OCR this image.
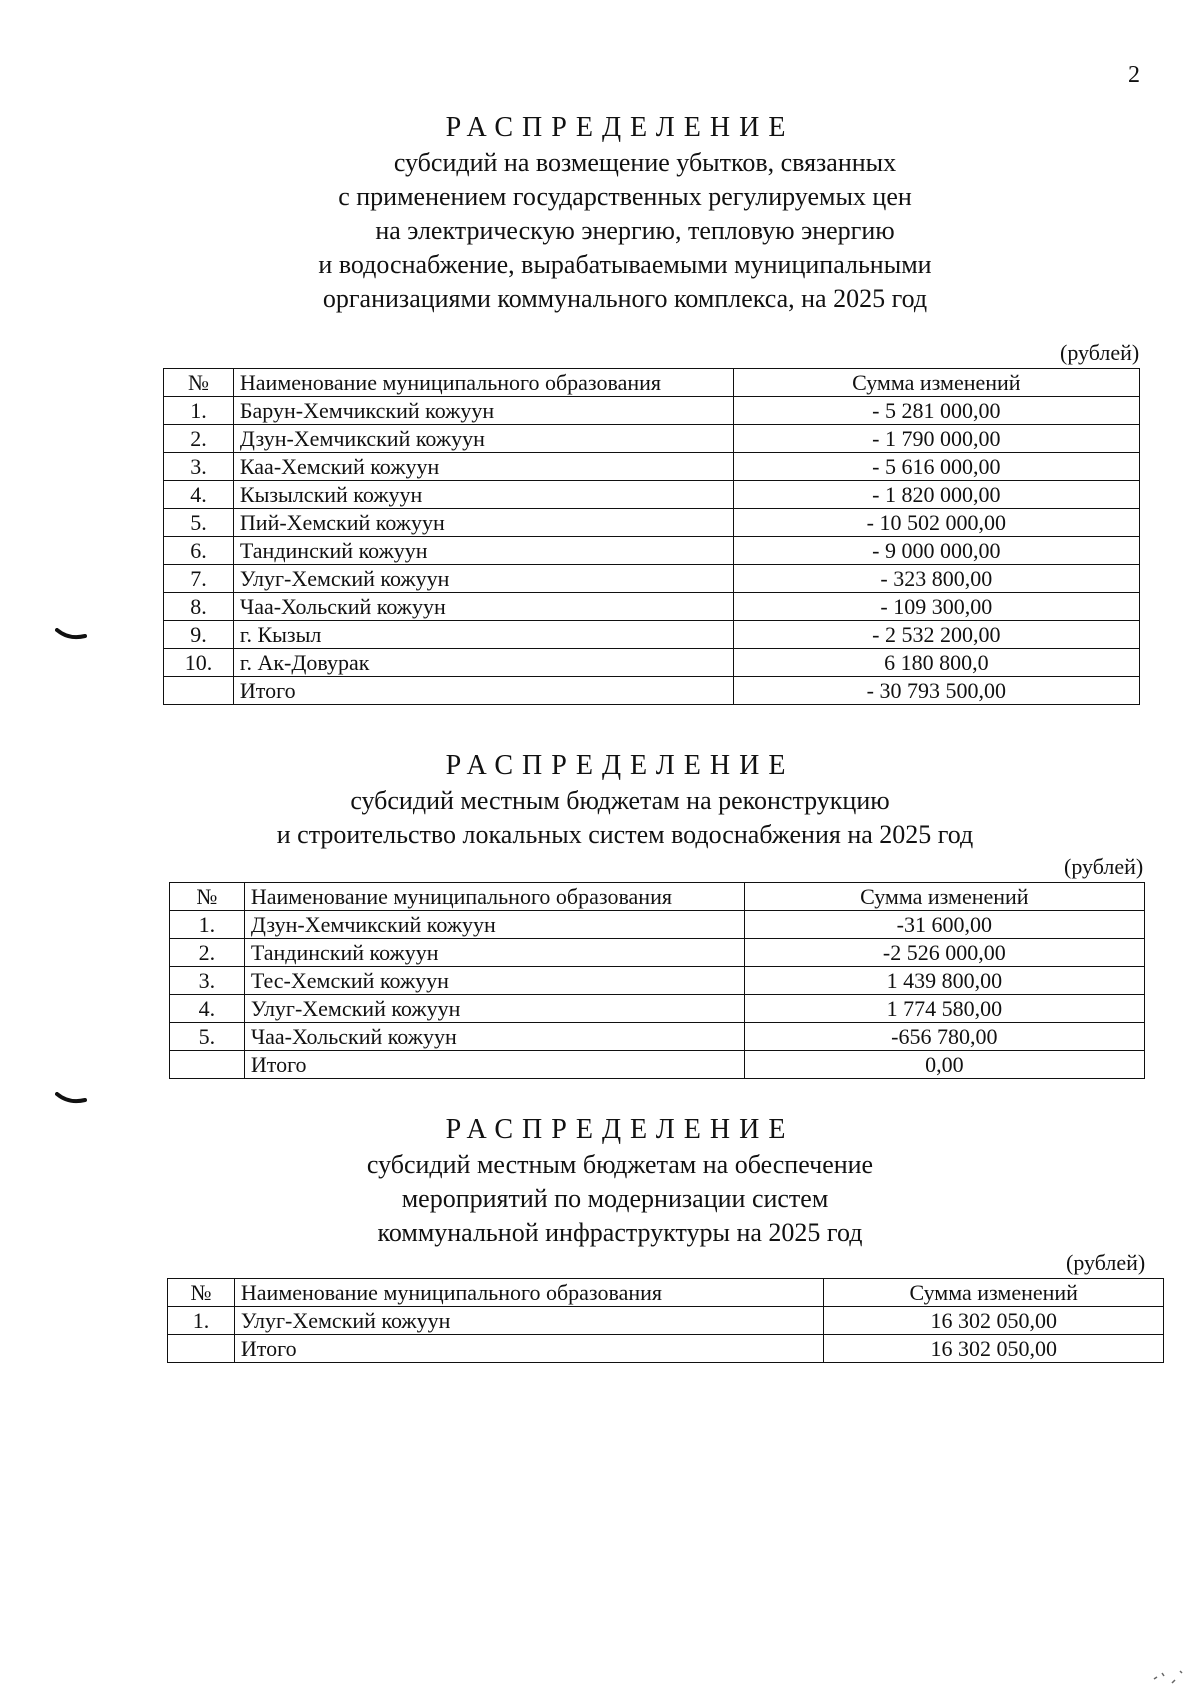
2

РАСПРЕДЕЛЕНИЕ

субсидий на возмещение убытков, связанных

с применением государственных регулируемых цен

на электрическую энергию, тепловую энергию

и водоснабжение, вырабатываемыми муниципальными

организациями коммунального комплекса, на 2025 год

(рублей)
№	Наименование муниципального образования	Сумма изменений
1.	Барун-Хемчикский кожуун	- 5 281 000,00
2.	Дзун-Хемчикский кожуун	- 1 790 000,00
3.	Каа-Хемский кожуун	- 5 616 000,00
4.	Кызылский кожуун	- 1 820 000,00
5.	Пий-Хемский кожуун	- 10 502 000,00
6.	Тандинский кожуун	- 9 000 000,00
7.	Улуг-Хемский кожуун	- 323 800,00
8.	Чаа-Хольский кожуун	- 109 300,00
9.	г. Кызыл	- 2 532 200,00
10.	г. Ак-Довурак	6 180 800,0
	Итого	- 30 793 500,00

РАСПРЕДЕЛЕНИЕ

субсидий местным бюджетам на реконструкцию

и строительство локальных систем водоснабжения на 2025 год

(рублей)
№	Наименование муниципального образования	Сумма изменений
1.	Дзун-Хемчикский кожуун	-31 600,00
2.	Тандинский кожуун	-2 526 000,00
3.	Тес-Хемский кожуун	1 439 800,00
4.	Улуг-Хемский кожуун	1 774 580,00
5.	Чаа-Хольский кожуун	-656 780,00
	Итого	0,00

РАСПРЕДЕЛЕНИЕ

субсидий местным бюджетам на обеспечение

мероприятий по модернизации систем

коммунальной инфраструктуры на 2025 год

(рублей)
№	Наименование муниципального образования	Сумма изменений
1.	Улуг-Хемский кожуун	16 302 050,00
	Итого	16 302 050,00
